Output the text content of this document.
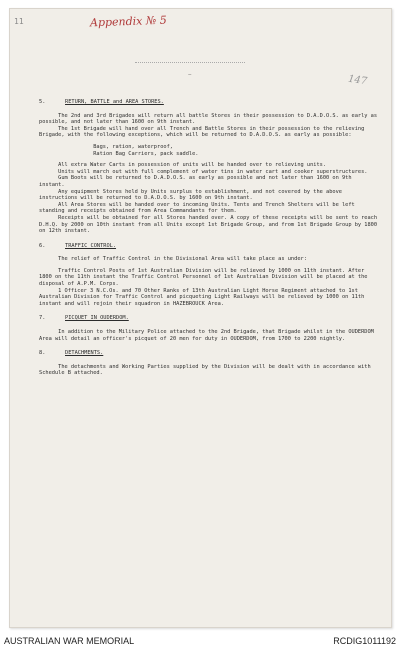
11	Appendix № 5
147
—
5.	RETURN, BATTLE and AREA STORES.

The 2nd and 3rd Brigades will return all battle Stores in their possession to D.A.D.O.S. as early as possible, and not later than 1600 on 9th instant.

The 1st Brigade will hand over all Trench and Battle Stores in their possession to the relieving Brigade, with the following exceptions, which will be returned to D.A.D.O.S. as early as possible:

Bags, ration, waterproof,

Ration Bag Carriers, pack saddle.

All extra Water Carts in possession of units will be handed over to relieving units.

Units will march out with full complement of water tins in water cart and cooker superstructures.

Gum Boots will be returned to D.A.D.O.S. as early as possible and not later than 1600 on 9th instant.

Any equipment Stores held by Units surplus to establishment, and not covered by the above instructions will be returned to D.A.D.O.S. by 1600 on 9th instant.

All Area Stores will be handed over to incoming Units. Tents and Trench Shelters will be left standing and receipts obtained from Area Commandants for them.

Receipts will be obtained for all Stores handed over. A copy of these receipts will be sent to reach D.H.Q. by 2000 on 10th instant from all Units except 1st Brigade Group, and from 1st Brigade Group by 1800 on 12th instant.

6.	TRAFFIC CONTROL.

The relief of Traffic Control in the Divisional Area will take place as under:

Traffic Control Posts of 1st Australian Division will be relieved by 1000 on 11th instant. After 1800 on the 11th instant the Traffic Control Personnel of 1st Australian Division will be placed at the disposal of A.P.M. Corps.

1 Officer 3 N.C.Os. and 70 Other Ranks of 13th Australian Light Horse Regiment attached to 1st Australian Division for Traffic Control and picqueting Light Railways will be relieved by 1000 on 11th instant and will rejoin their squadron in HAZEBROUCK Area.

7.	PICQUET IN OUDERDOM.

In addition to the Military Police attached to the 2nd Brigade, that Brigade whilst in the OUDERDOM Area will detail an officer's picquet of 20 men for duty in OUDERDOM, from 1700 to 2200 nightly.

8.	DETACHMENTS.

The detachments and Working Parties supplied by the Division will be dealt with in accordance with Schedule B attached.

AUSTRALIAN WAR MEMORIAL	RCDIG1011192
